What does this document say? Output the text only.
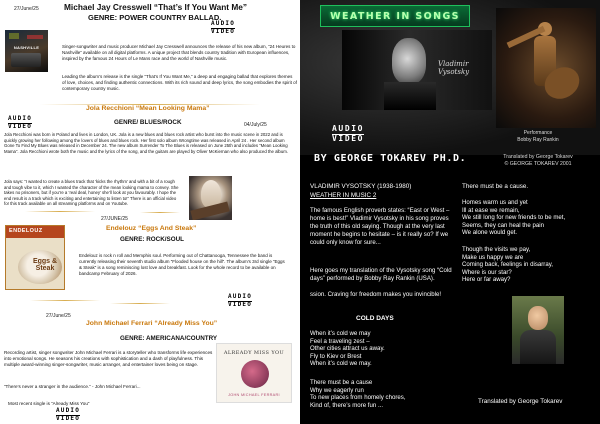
27/June/25	Michael Jay Cresswell “That’s If You Want Me”
GENRE: POWER COUNTRY BALLAD.
NASHVILLE
AUDIO
VIDEO
Singer-songwriter and music producer Michael Jay Cresswell announces the release of his new album, “24 Heures to Nashville” available on all digital platforms. A unique project that blends country tradition with European influences, inspired by the famous 24 Hours of Le Mans race and the world of Nashville music.
Leading the album’s release is the single “That’s If You Want Me,” a deep and engaging ballad that explores themes of love, choices, and finding authentic connections. With its rich sound and deep lyrics, the song embodies the spirit of contemporary country music.
Jola Recchioni “Mean Looking Mama”
AUDIO
VIDEO
GENRE/ BLUES/ROCK	04/July/25
Jola Recchioni was born in Poland and lives in London, UK. Jola is a new blues and blues rock artist who burst into the music scene in 2022 and is quickly growing her following among the lovers of blues and blues rock. Her first solo album Wrongtime was released in April 24 . Her second album Gone To Find My Blues was released in December 24. The new album Surrender To The Blues is released on June 25th and includes “Mean Looking Mama”. Jola Recchioni wrote both the music and the lyrics of the song, and the guitars are played by Oliver McKiernan who also produced the album.
Jola says: “I wanted to create a blues track that ‘kicks the rhythm’ and with a bit of a rough and tough vibe to it, which I wanted the character of the mean looking mama to convey. She takes no prisoners, but if you’re a ‘real deal, honey’ she’ll look at you favourably. I hope the end result is a track which is exciting and entertaining to listen to!” There is an official video for this track available on all streaming platforms and on Youtube.
27/JUNE/25
ENDELOUZ
Eggs & Steak
Endelouz “Eggs And Steak”
GENRE: ROCK/SOUL
Endelouz is rock n roll and Memphis soul. Performing out of Chattanooga, Tennessee the band is currently releasing their seventh studio album “Flooded house on the hill”. The album’s 3rd single “Eggs & Steak” is a song reminiscing lost love and breakfast. Look for the whole record to be available on bandcamp February of 2026.
AUDIO
VIDEO
27/June/25
John Michael Ferrari “Already Miss You”
GENRE: AMERICANA/COUNTRY
Recording artist, singer songwriter John Michael Ferrari is a storyteller who transforms life experiences into emotional songs. He seasons his creations with sophistication and a dash of playfulness. This multiple award-winning singer-songwriter, music arranger, and entertainer loves being on stage.
“There’s never a stranger in the audience.” - John Michael Ferrari...
Most recent single is “Already Miss You”
AUDIO
VIDEO
ALREADY MISS YOU
JOHN MICHAEL FERRARI
Vladimir Vysotsky
WEATHER IN SONGS
AUDIO
VIDEO
Performance
Bobby Ray Rankin
BY GEORGE TOKAREV PH.D.	Translated by George Tokarev
© GEORGE TOKAREV 2001
VLADIMIR VYSOTSKY (1938-1980)
WEATHER IN MUSIC 2
The famous English proverb states: “East or West – home is best!” Vladimir Vysotsky in his song proves the truth of this old saying. Though at the very last moment he begins to hesitate – is it really so? If we could only know for sure...
Here goes my translation of the Vysotsky song “Cold days” performed by Bobby Ray Rankin (USA).
ssion. Craving for freedom makes you invincible!
COLD DAYS
When it’s cold we may
Feel a traveling zest –
Other cities attract us away.
Fly to Kiev or Brest
When it’s cold we may.
There must be a cause
Why we eagerly run
To new places from homely chores,
Kind of, there’s more fun ...
There must be a cause.
Homes warm us and yet
Ill at ease we remain,
We still long for new friends to be met,
Seems, they can heal the pain
We alone would get.
Though the visits we pay,
Make us happy we are
Coming back, feelings in disarray,
Where is our star?
Here or far away?
Translated by George Tokarev
